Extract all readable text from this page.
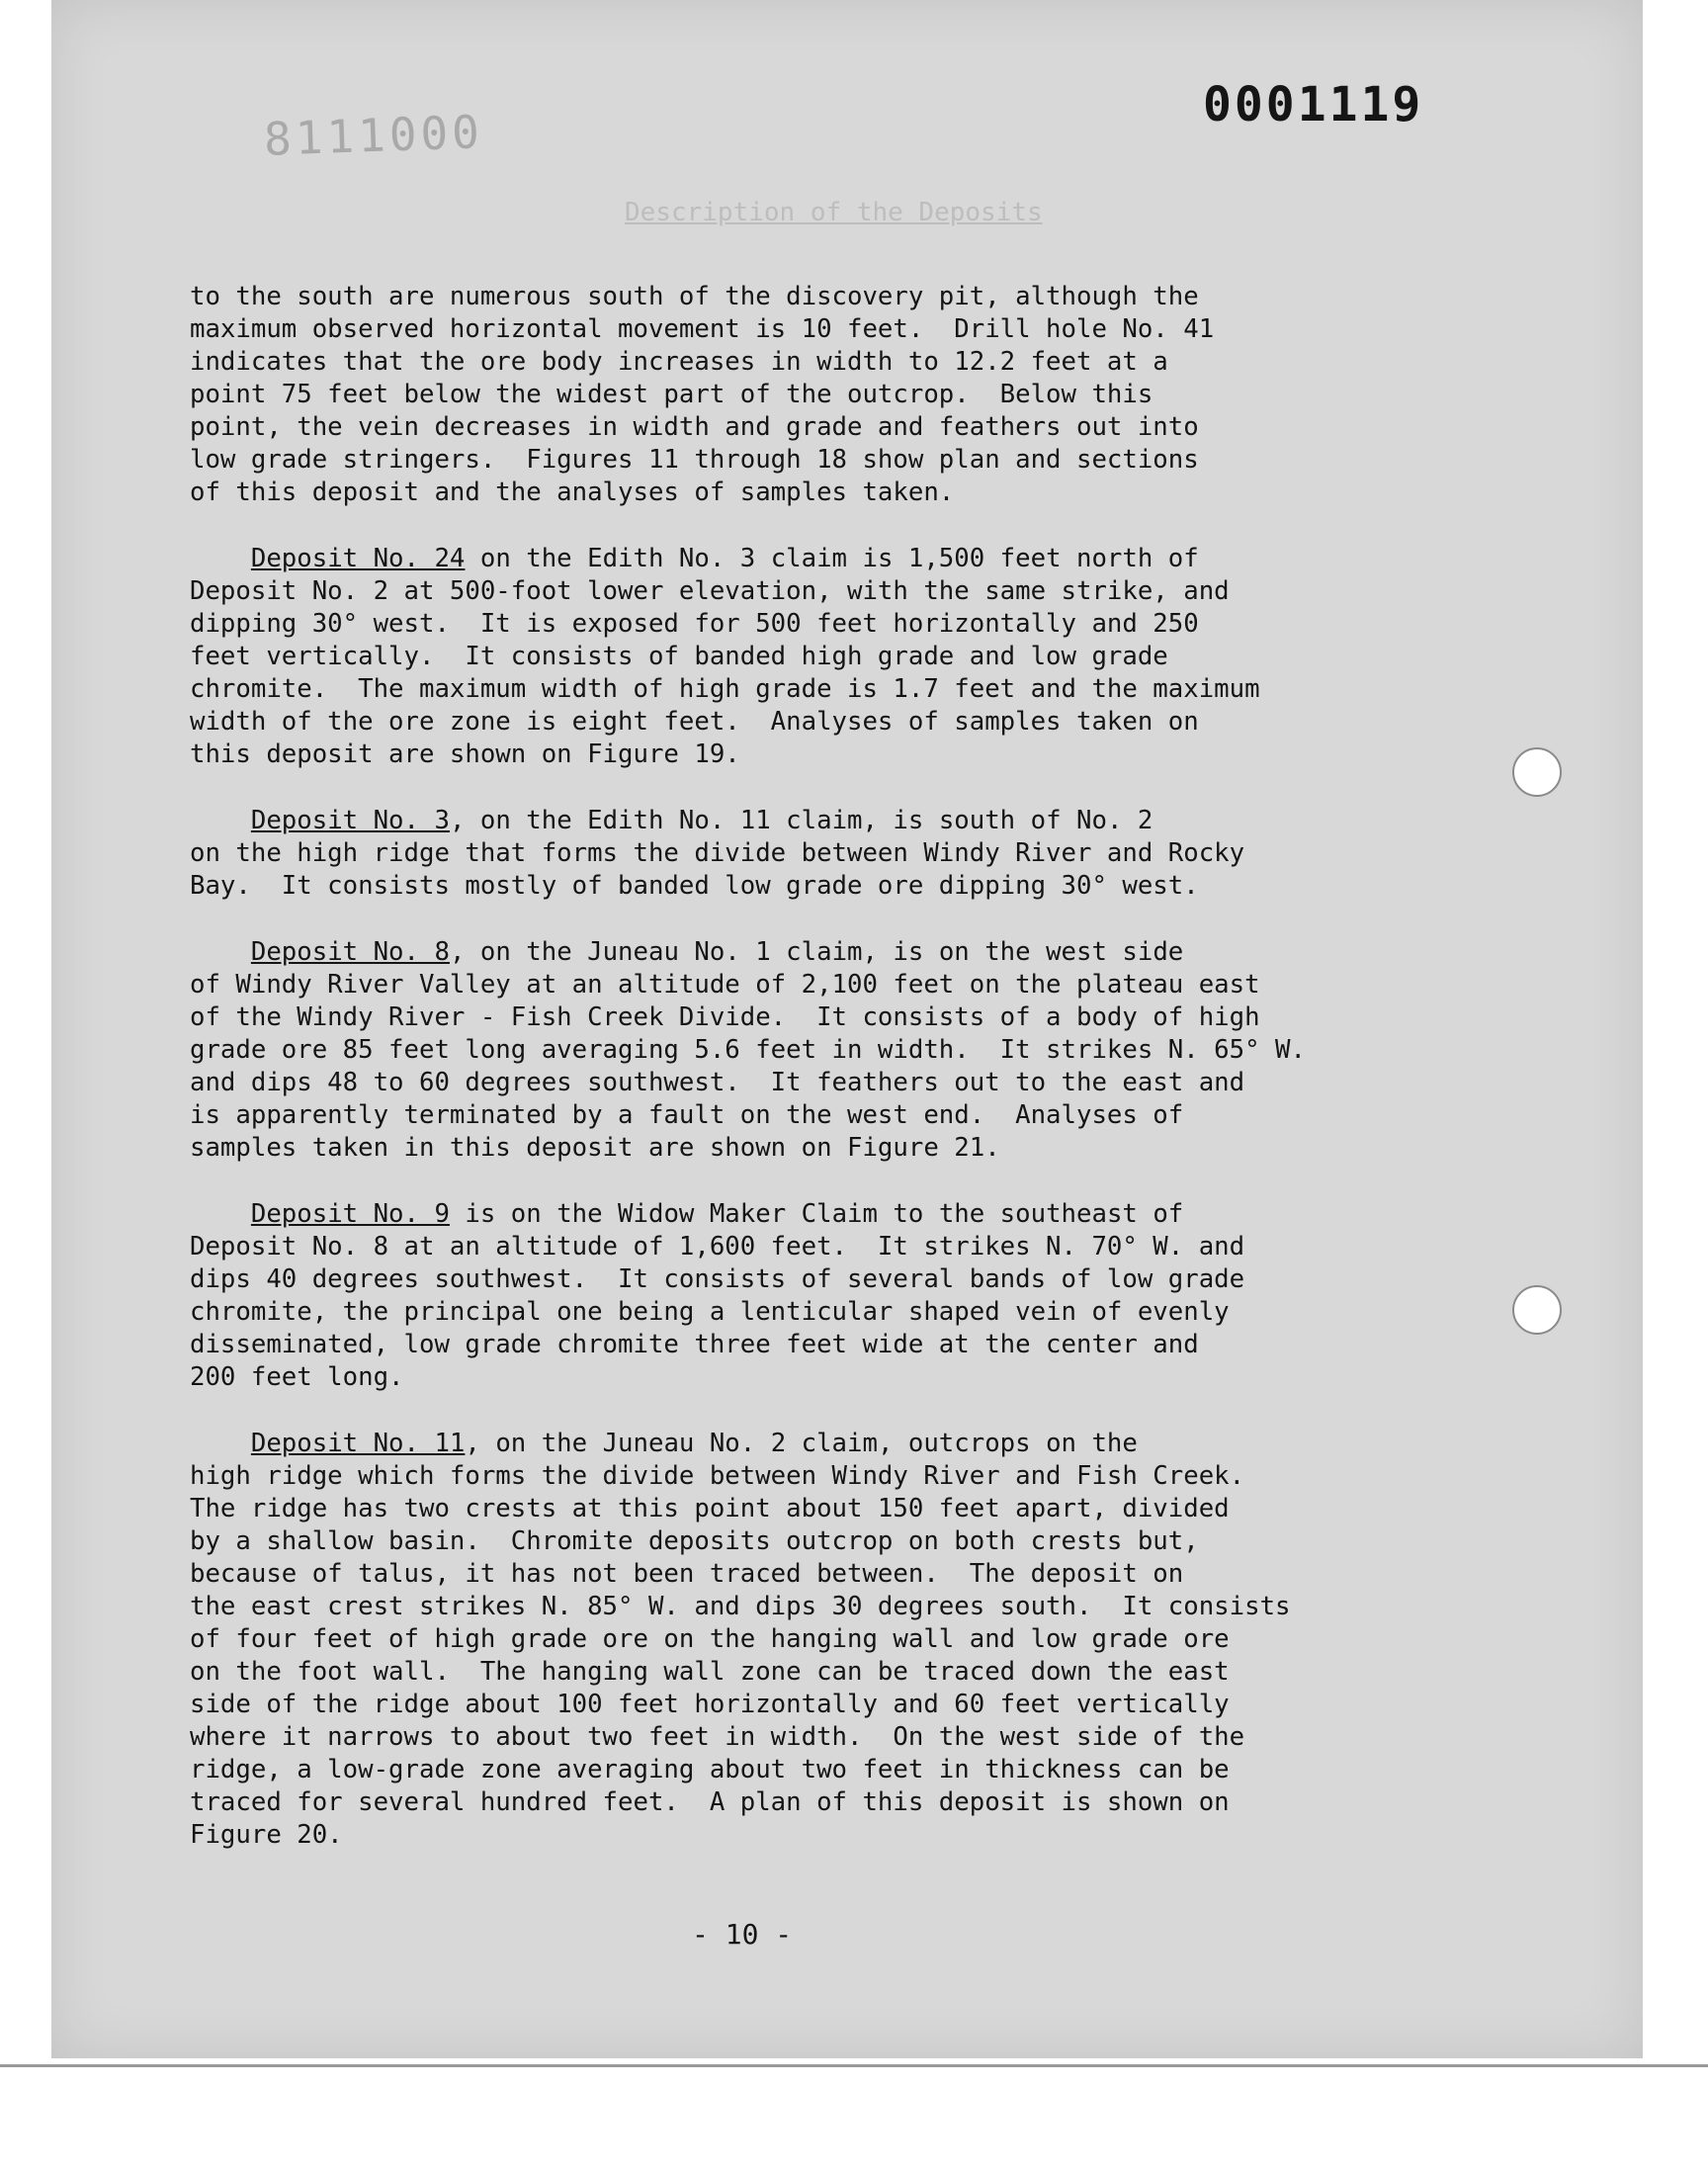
8111000
0001119
Description of the Deposits
to the south are numerous south of the discovery pit, although the
maximum observed horizontal movement is 10 feet.  Drill hole No. 41
indicates that the ore body increases in width to 12.2 feet at a
point 75 feet below the widest part of the outcrop.  Below this
point, the vein decreases in width and grade and feathers out into
low grade stringers.  Figures 11 through 18 show plan and sections
of this deposit and the analyses of samples taken.
Deposit No. 24 on the Edith No. 3 claim is 1,500 feet north of
Deposit No. 2 at 500-foot lower elevation, with the same strike, and
dipping 30° west.  It is exposed for 500 feet horizontally and 250
feet vertically.  It consists of banded high grade and low grade
chromite.  The maximum width of high grade is 1.7 feet and the maximum
width of the ore zone is eight feet.  Analyses of samples taken on
this deposit are shown on Figure 19.
Deposit No. 3, on the Edith No. 11 claim, is south of No. 2
on the high ridge that forms the divide between Windy River and Rocky
Bay.  It consists mostly of banded low grade ore dipping 30° west.
Deposit No. 8, on the Juneau No. 1 claim, is on the west side
of Windy River Valley at an altitude of 2,100 feet on the plateau east
of the Windy River - Fish Creek Divide.  It consists of a body of high
grade ore 85 feet long averaging 5.6 feet in width.  It strikes N. 65° W.
and dips 48 to 60 degrees southwest.  It feathers out to the east and
is apparently terminated by a fault on the west end.  Analyses of
samples taken in this deposit are shown on Figure 21.
Deposit No. 9 is on the Widow Maker Claim to the southeast of
Deposit No. 8 at an altitude of 1,600 feet.  It strikes N. 70° W. and
dips 40 degrees southwest.  It consists of several bands of low grade
chromite, the principal one being a lenticular shaped vein of evenly
disseminated, low grade chromite three feet wide at the center and
200 feet long.
Deposit No. 11, on the Juneau No. 2 claim, outcrops on the
high ridge which forms the divide between Windy River and Fish Creek.
The ridge has two crests at this point about 150 feet apart, divided
by a shallow basin.  Chromite deposits outcrop on both crests but,
because of talus, it has not been traced between.  The deposit on
the east crest strikes N. 85° W. and dips 30 degrees south.  It consists
of four feet of high grade ore on the hanging wall and low grade ore
on the foot wall.  The hanging wall zone can be traced down the east
side of the ridge about 100 feet horizontally and 60 feet vertically
where it narrows to about two feet in width.  On the west side of the
ridge, a low-grade zone averaging about two feet in thickness can be
traced for several hundred feet.  A plan of this deposit is shown on
Figure 20.
- 10 -
